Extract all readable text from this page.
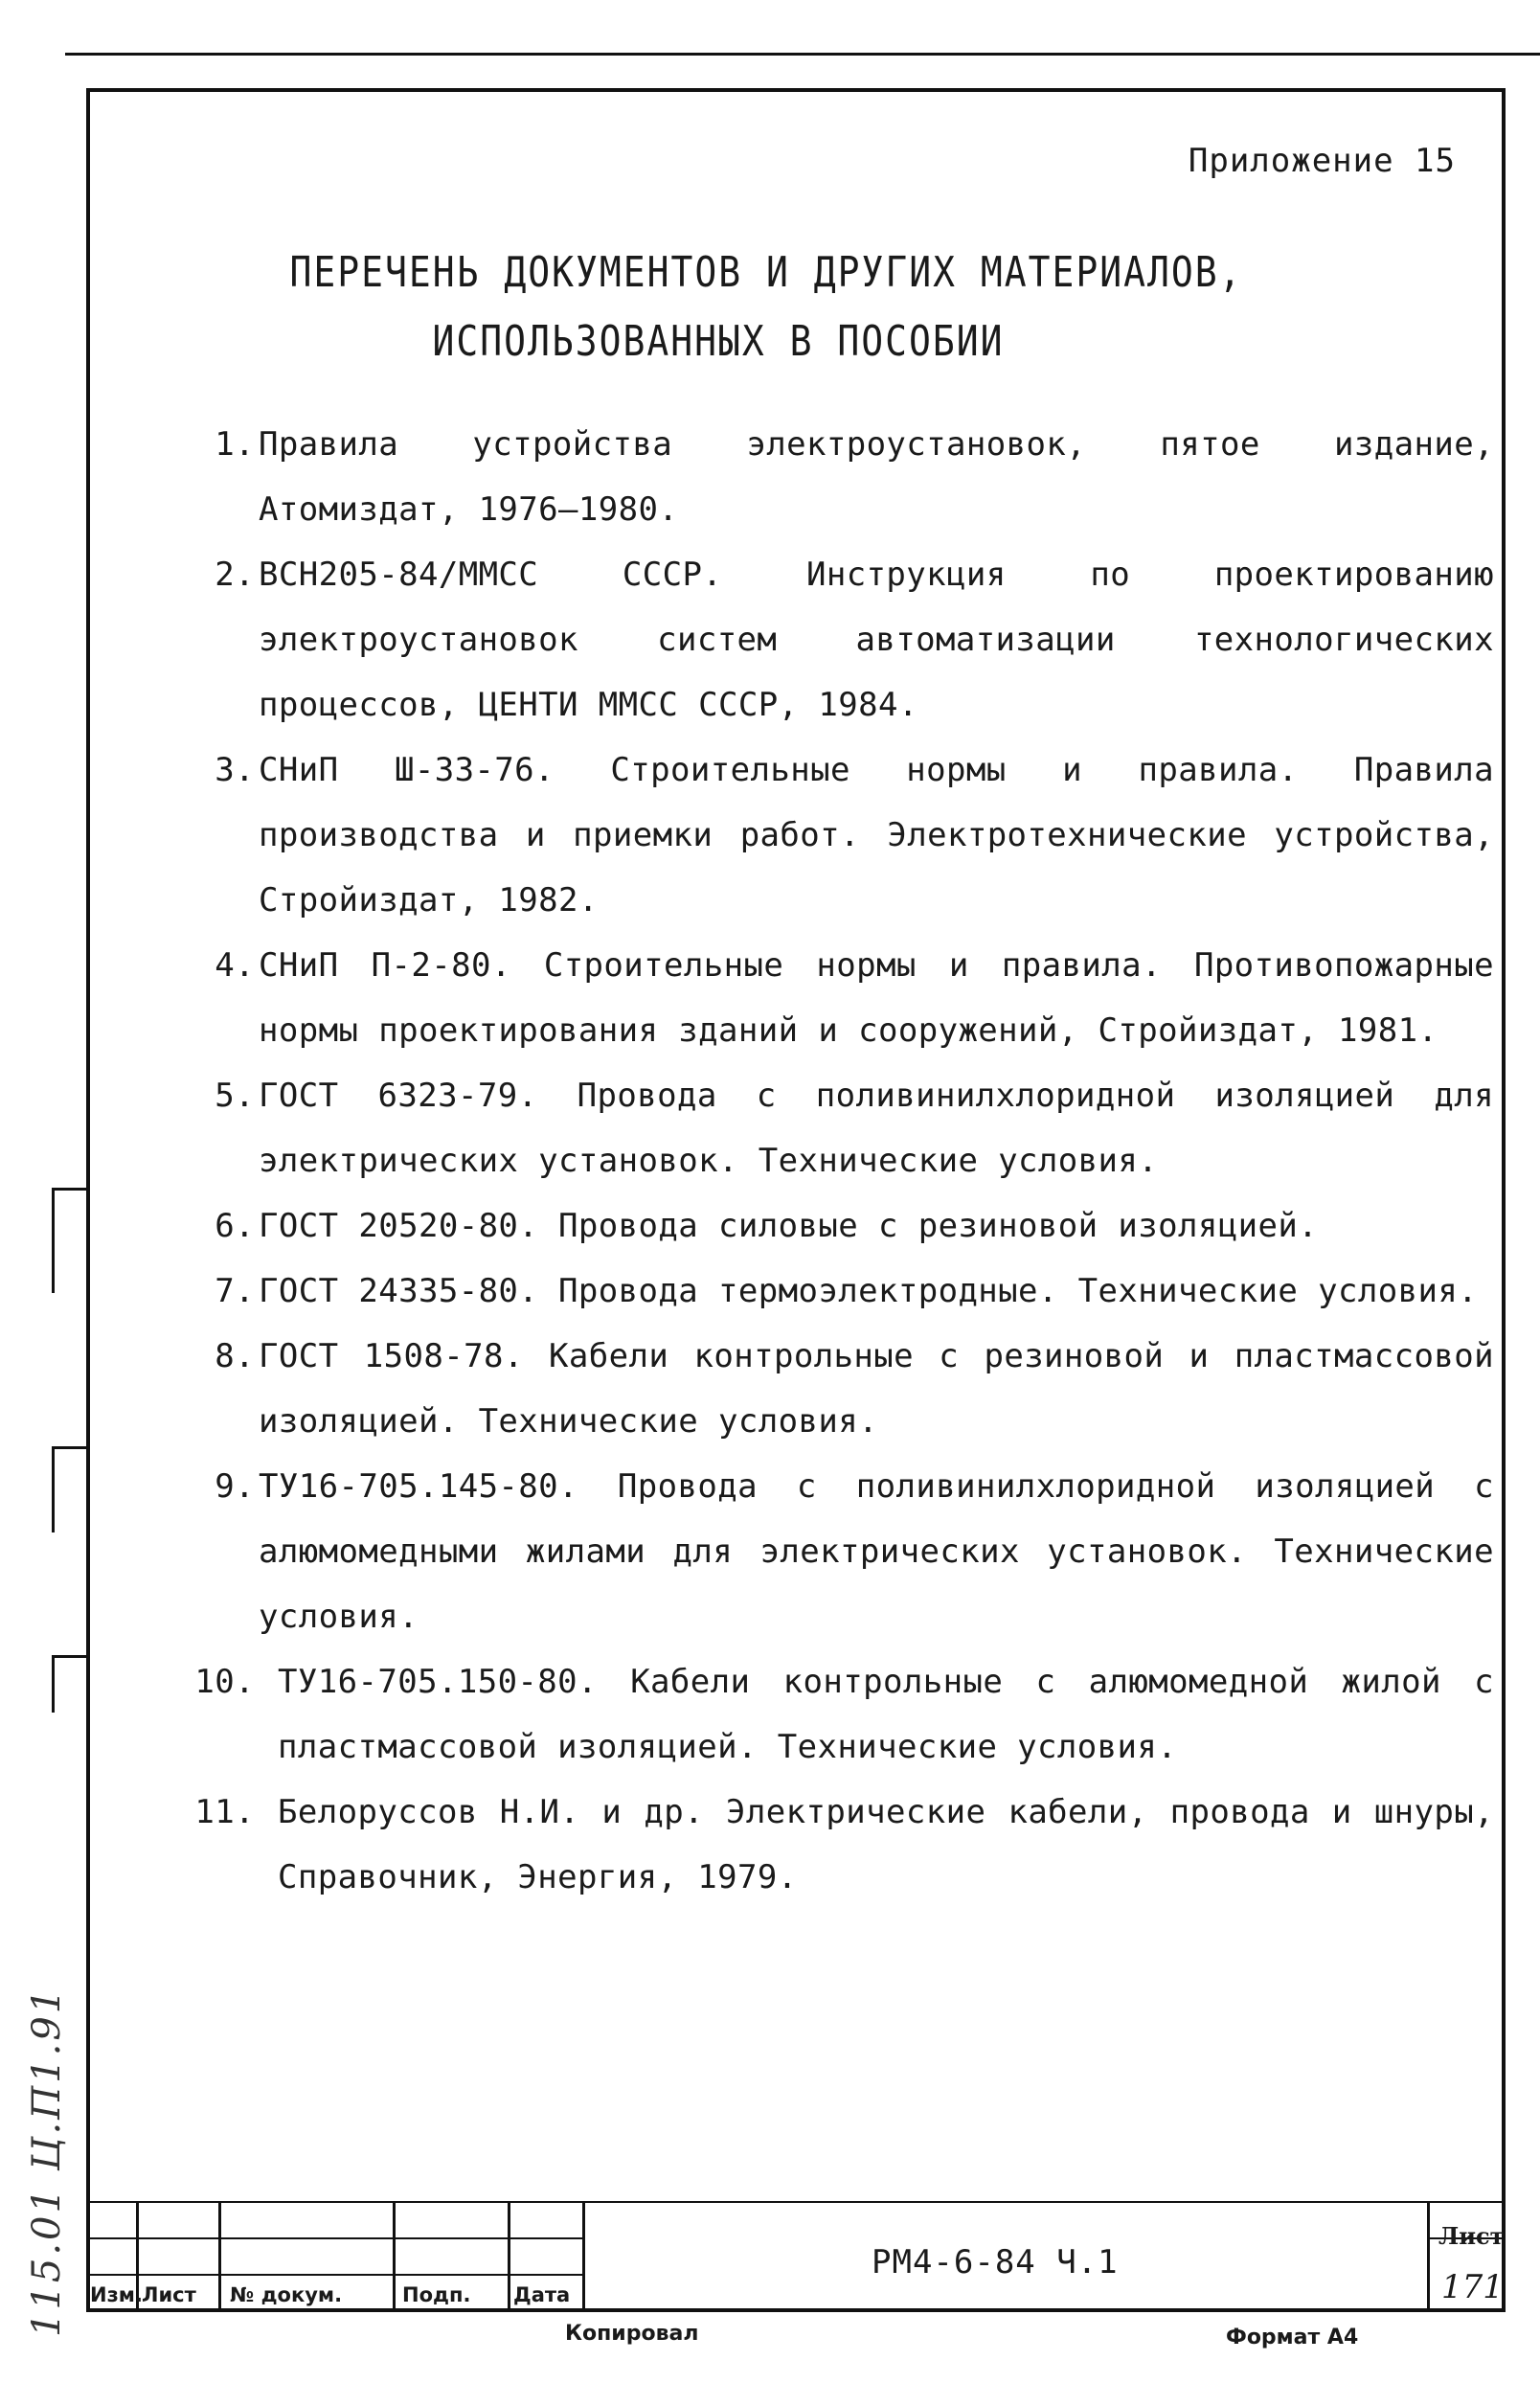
115.01 Ц.П1.91
Приложение 15
ПЕРЕЧЕНЬ ДОКУМЕНТОВ И ДРУГИХ МАТЕРИАЛОВ,
ИСПОЛЬЗОВАННЫХ В ПОСОБИИ
1. Правила устройства электроустановок, пятое издание, Атомиздат, 1976–1980.
2. ВСН205-84/ММСС СССР. Инструкция по проектированию электроустановок систем автоматизации технологических процессов, ЦЕНТИ ММСС СССР, 1984.
3. СНиП Ш-33-76. Строительные нормы и правила. Правила производства и приемки работ. Электротехнические устройства, Стройиздат, 1982.
4. СНиП П-2-80. Строительные нормы и правила. Противопожарные нормы проектирования зданий и сооружений, Стройиздат, 1981.
5. ГОСТ 6323-79. Провода с поливинилхлоридной изоляцией для электрических установок. Технические условия.
6. ГОСТ 20520-80. Провода силовые с резиновой изоляцией.
7. ГОСТ 24335-80. Провода термоэлектродные. Технические условия.
8. ГОСТ 1508-78. Кабели контрольные с резиновой и пластмассовой изоляцией. Технические условия.
9. ТУ16-705.145-80. Провода с поливинилхлоридной изоляцией с алюмомедными жилами для электрических установок. Технические условия.
10. ТУ16-705.150-80. Кабели контрольные с алюмомедной жилой с пластмассовой изоляцией. Технические условия.
11. Белоруссов Н.И. и др. Электрические кабели, провода и шнуры, Справочник, Энергия, 1979.
Изм. Лист № докум.	Подп. Дата
РМ4-6-84 Ч.1
Лист
171
Копировал	Формат А4
